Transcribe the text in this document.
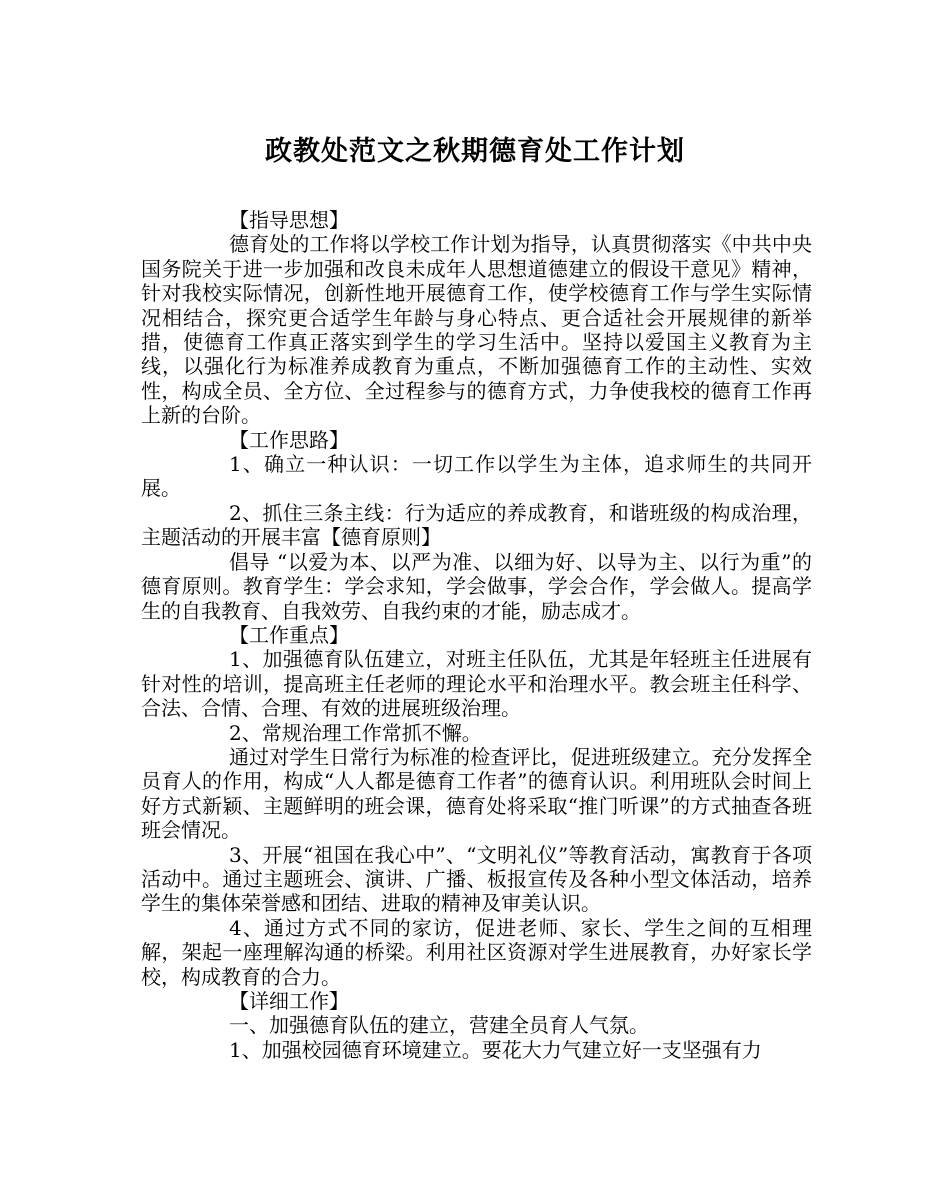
政教处范文之秋期德育处工作计划

【指导思想】

德育处的工作将以学校工作计划为指导，认真贯彻落实《中共中央国务院关于进一步加强和改良未成年人思想道德建立的假设干意见》精神，针对我校实际情况，创新性地开展德育工作，使学校德育工作与学生实际情况相结合，探究更合适学生年龄与身心特点、更合适社会开展规律的新举措，使德育工作真正落实到学生的学习生活中。坚持以爱国主义教育为主线，以强化行为标准养成教育为重点，不断加强德育工作的主动性、实效性，构成全员、全方位、全过程参与的德育方式，力争使我校的德育工作再上新的台阶。

【工作思路】

1、确立一种认识：一切工作以学生为主体，追求师生的共同开展。

2、抓住三条主线：行为适应的养成教育，和谐班级的构成治理，主题活动的开展丰富【德育原则】

倡导 “以爱为本、以严为准、以细为好、以导为主、以行为重”的德育原则。教育学生：学会求知，学会做事，学会合作，学会做人。提高学生的自我教育、自我效劳、自我约束的才能，励志成才。

【工作重点】

1、加强德育队伍建立，对班主任队伍，尤其是年轻班主任进展有针对性的培训，提高班主任老师的理论水平和治理水平。教会班主任科学、合法、合情、合理、有效的进展班级治理。

2、常规治理工作常抓不懈。

通过对学生日常行为标准的检查评比，促进班级建立。充分发挥全员育人的作用，构成“人人都是德育工作者”的德育认识。利用班队会时间上好方式新颖、主题鲜明的班会课，德育处将采取“推门听课”的方式抽查各班班会情况。

3、开展“祖国在我心中”、“文明礼仪”等教育活动，寓教育于各项活动中。通过主题班会、演讲、广播、板报宣传及各种小型文体活动，培养学生的集体荣誉感和团结、进取的精神及审美认识。

4、通过方式不同的家访，促进老师、家长、学生之间的互相理解，架起一座理解沟通的桥梁。利用社区资源对学生进展教育，办好家长学校，构成教育的合力。

【详细工作】

一、加强德育队伍的建立，营建全员育人气氛。

1、加强校园德育环境建立。要花大力气建立好一支坚强有力
